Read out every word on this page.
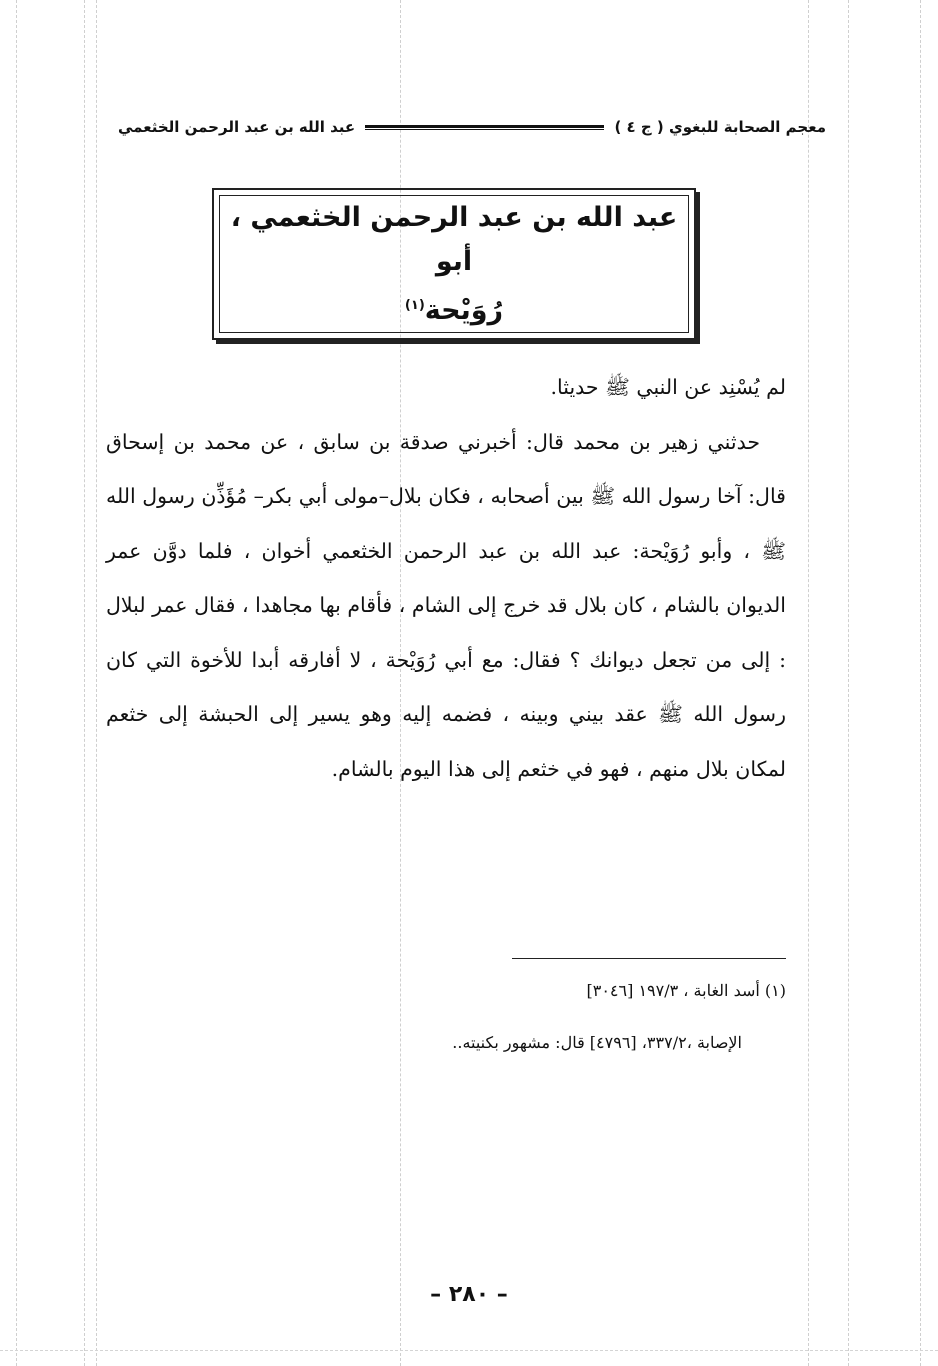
معجم الصحابة للبغوي ( ج ٤ )
عبد الله بن عبد الرحمن الخثعمي
عبد الله بن عبد الرحمن الخثعمي ، أبو
رُوَيْحة$^{(١)}$

لم يُسْنِد عن النبي ﷺ حديثا.

حدثني زهير بن محمد قال: أخبرني صدقة بن سابق ، عن محمد بن إسحاق قال: آخا رسول الله ﷺ بين أصحابه ، فكان بلال–مولى أبي بكر– مُؤَذِّن رسول الله ﷺ ، وأبو رُوَيْحة: عبد الله بن عبد الرحمن الخثعمي أخوان ، فلما دوَّن عمر الديوان بالشام ، كان بلال قد خرج إلى الشام ، فأقام بها مجاهدا ، فقال عمر لبلال : إلى من تجعل ديوانك ؟ فقال: مع أبي رُوَيْحة ، لا أفارقه أبدا للأخوة التي كان رسول الله ﷺ عقد بيني وبينه ، فضمه إليه وهو يسير إلى الحبشة إلى خثعم لمكان بلال منهم ، فهو في خثعم إلى هذا اليوم بالشام.

(١) أسد الغابة ، ١٩٧/٣ [٣٠٤٦]
الإصابة ،٣٣٧/٢، [٤٧٩٦] قال: مشهور بكنيته..
– ٢٨٠ –
